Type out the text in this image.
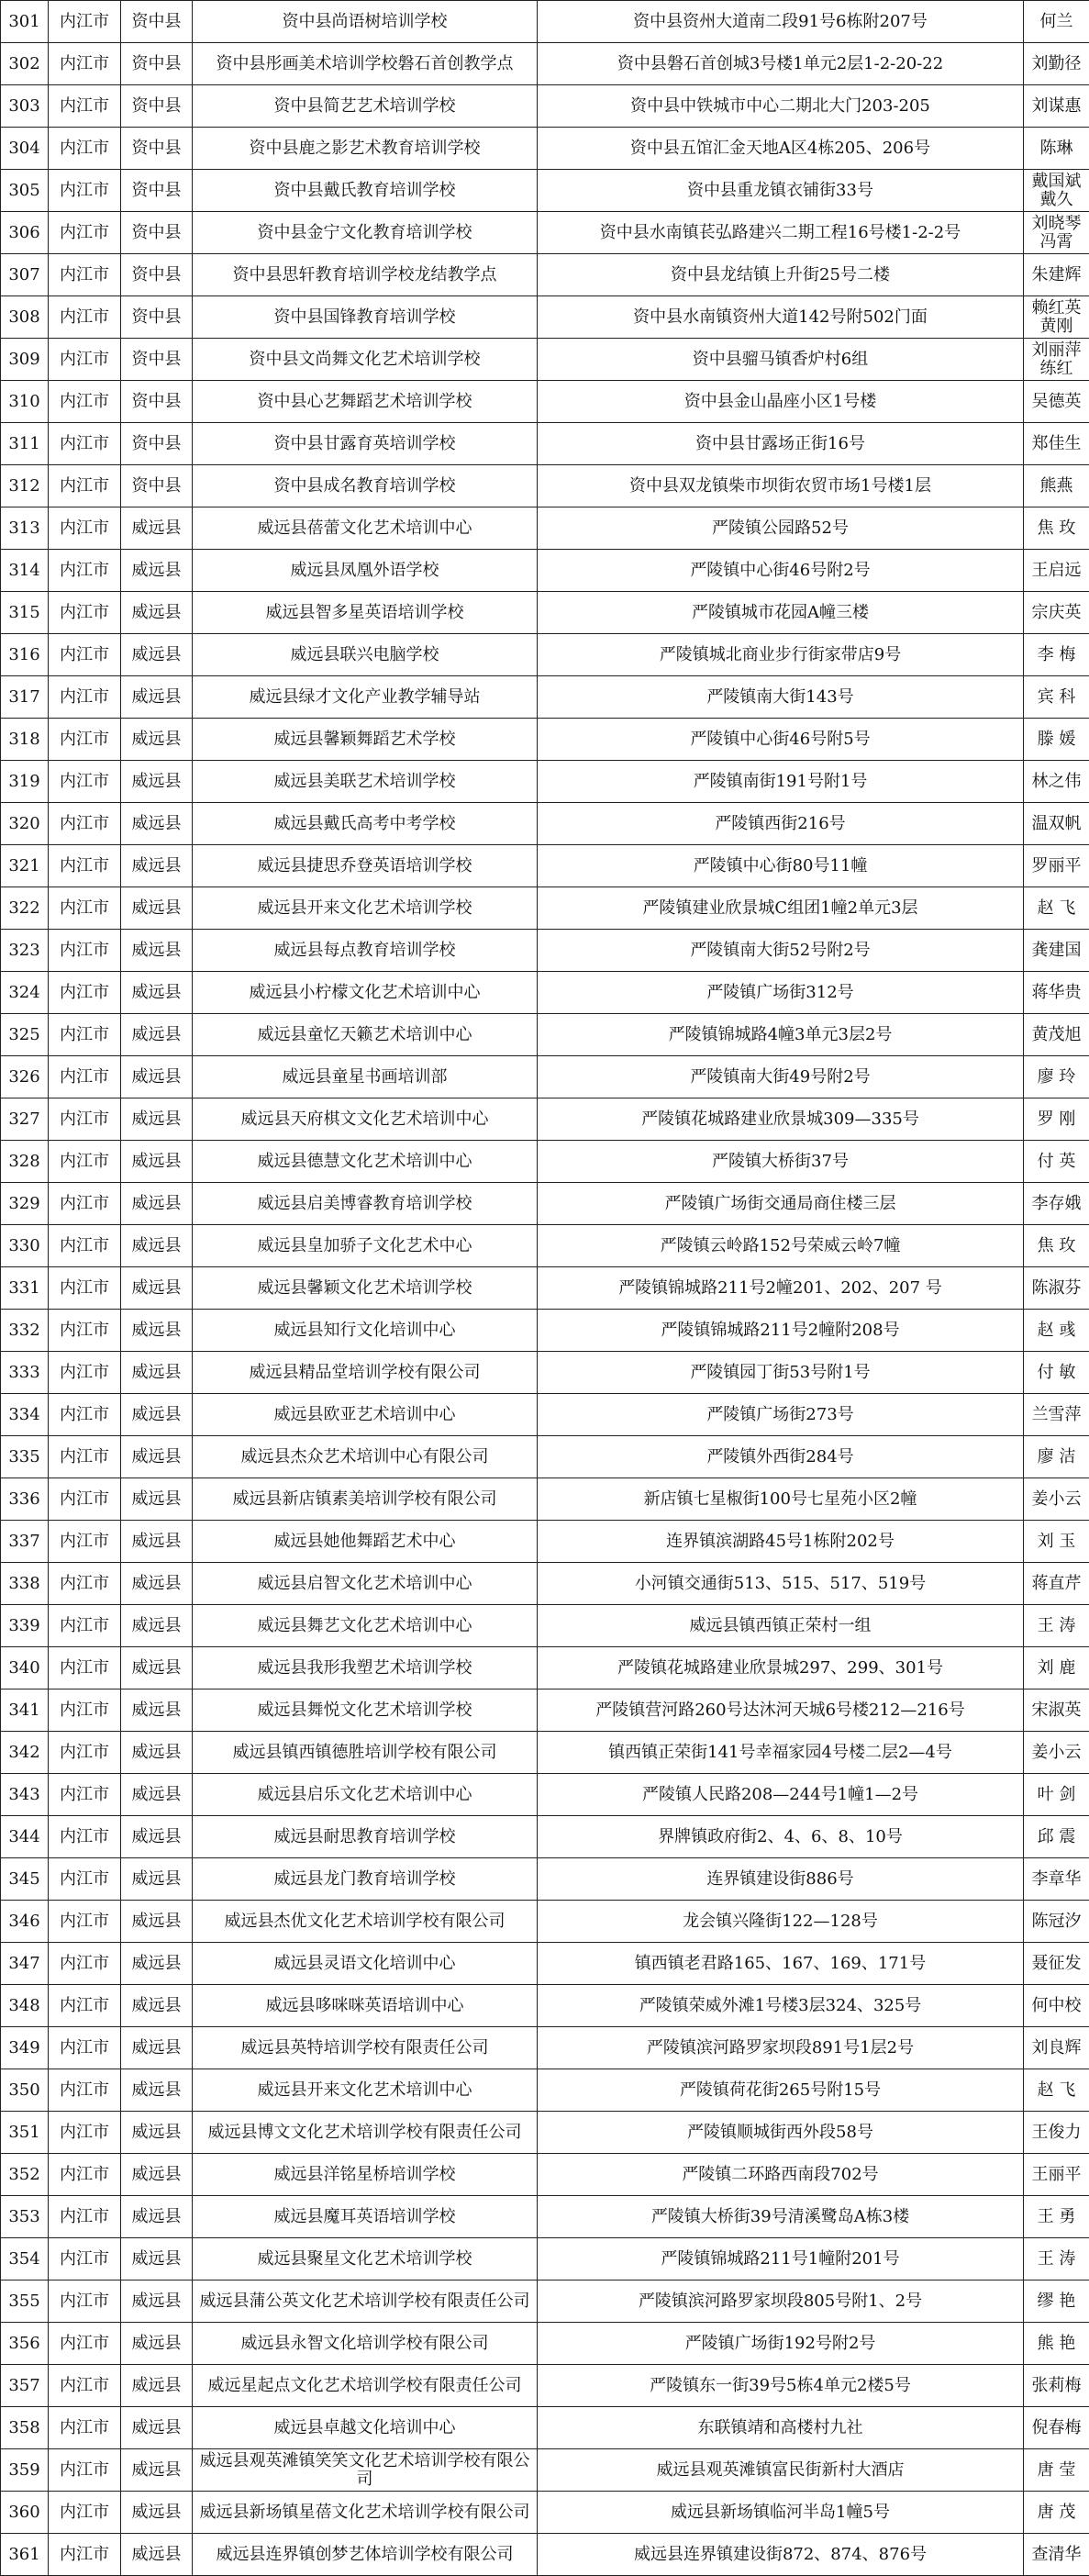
301	内江市	资中县	资中县尚语树培训学校	资中县资州大道南二段91号6栋附207号	何兰
302	内江市	资中县	资中县彤画美术培训学校磐石首创教学点	资中县磐石首创城3号楼1单元2层1-2-20-22	刘勤径
303	内江市	资中县	资中县简艺艺术培训学校	资中县中铁城市中心二期北大门203-205	刘谋惠
304	内江市	资中县	资中县鹿之影艺术教育培训学校	资中县五馆汇金天地A区4栋205、206号	陈琳
305	内江市	资中县	资中县戴氏教育培训学校	资中县重龙镇衣铺街33号	戴国斌 戴久
306	内江市	资中县	资中县金宁文化教育培训学校	资中县水南镇苌弘路建兴二期工程16号楼1-2-2号	刘晓琴 冯霄
307	内江市	资中县	资中县思轩教育培训学校龙结教学点	资中县龙结镇上升街25号二楼	朱建辉
308	内江市	资中县	资中县国锋教育培训学校	资中县水南镇资州大道142号附502门面	赖红英 黄刚
309	内江市	资中县	资中县文尚舞文化艺术培训学校	资中县骝马镇香炉村6组	刘丽萍 练红
310	内江市	资中县	资中县心艺舞蹈艺术培训学校	资中县金山晶座小区1号楼	吴德英
311	内江市	资中县	资中县甘露育英培训学校	资中县甘露场正街16号	郑佳生
312	内江市	资中县	资中县成名教育培训学校	资中县双龙镇柴市坝街农贸市场1号楼1层	熊燕
313	内江市	威远县	威远县蓓蕾文化艺术培训中心	严陵镇公园路52号	焦 玫
314	内江市	威远县	威远县凤凰外语学校	严陵镇中心街46号附2号	王启远
315	内江市	威远县	威远县智多星英语培训学校	严陵镇城市花园A幢三楼	宗庆英
316	内江市	威远县	威远县联兴电脑学校	严陵镇城北商业步行街家带店9号	李 梅
317	内江市	威远县	威远县绿才文化产业教学辅导站	严陵镇南大街143号	宾 科
318	内江市	威远县	威远县馨颖舞蹈艺术学校	严陵镇中心街46号附5号	滕 媛
319	内江市	威远县	威远县美联艺术培训学校	严陵镇南街191号附1号	林之伟
320	内江市	威远县	威远县戴氏高考中考学校	严陵镇西街216号	温双帆
321	内江市	威远县	威远县捷思乔登英语培训学校	严陵镇中心街80号11幢	罗丽平
322	内江市	威远县	威远县开来文化艺术培训学校	严陵镇建业欣景城C组团1幢2单元3层	赵 飞
323	内江市	威远县	威远县每点教育培训学校	严陵镇南大街52号附2号	龚建国
324	内江市	威远县	威远县小柠檬文化艺术培训中心	严陵镇广场街312号	蒋华贵
325	内江市	威远县	威远县童忆天籁艺术培训中心	严陵镇锦城路4幢3单元3层2号	黄茂旭
326	内江市	威远县	威远县童星书画培训部	严陵镇南大街49号附2号	廖 玲
327	内江市	威远县	威远县天府棋文文化艺术培训中心	严陵镇花城路建业欣景城309—335号	罗 刚
328	内江市	威远县	威远县德慧文化艺术培训中心	严陵镇大桥街37号	付 英
329	内江市	威远县	威远县启美博睿教育培训学校	严陵镇广场街交通局商住楼三层	李存娥
330	内江市	威远县	威远县皇加骄子文化艺术中心	严陵镇云岭路152号荣威云岭7幢	焦 玫
331	内江市	威远县	威远县馨颖文化艺术培训学校	严陵镇锦城路211号2幢201、202、207 号	陈淑芬
332	内江市	威远县	威远县知行文化培训中心	严陵镇锦城路211号2幢附208号	赵 彧
333	内江市	威远县	威远县精品堂培训学校有限公司	严陵镇园丁街53号附1号	付 敏
334	内江市	威远县	威远县欧亚艺术培训中心	严陵镇广场街273号	兰雪萍
335	内江市	威远县	威远县杰众艺术培训中心有限公司	严陵镇外西街284号	廖 洁
336	内江市	威远县	威远县新店镇素美培训学校有限公司	新店镇七星椒街100号七星苑小区2幢	姜小云
337	内江市	威远县	威远县她他舞蹈艺术中心	连界镇滨湖路45号1栋附202号	刘 玉
338	内江市	威远县	威远县启智文化艺术培训中心	小河镇交通街513、515、517、519号	蒋直芹
339	内江市	威远县	威远县舞艺文化艺术培训中心	威远县镇西镇正荣村一组	王 涛
340	内江市	威远县	威远县我形我塑艺术培训学校	严陵镇花城路建业欣景城297、299、301号	刘 鹿
341	内江市	威远县	威远县舞悦文化艺术培训学校	严陵镇营河路260号达沐河天城6号楼212—216号	宋淑英
342	内江市	威远县	威远县镇西镇德胜培训学校有限公司	镇西镇正荣街141号幸福家园4号楼二层2—4号	姜小云
343	内江市	威远县	威远县启乐文化艺术培训中心	严陵镇人民路208—244号1幢1—2号	叶 剑
344	内江市	威远县	威远县耐思教育培训学校	界牌镇政府街2、4、6、8、10号	邱 震
345	内江市	威远县	威远县龙门教育培训学校	连界镇建设街886号	李章华
346	内江市	威远县	威远县杰优文化艺术培训学校有限公司	龙会镇兴隆街122—128号	陈冠汐
347	内江市	威远县	威远县灵语文化培训中心	镇西镇老君路165、167、169、171号	聂征发
348	内江市	威远县	威远县哆咪咪英语培训中心	严陵镇荣威外滩1号楼3层324、325号	何中校
349	内江市	威远县	威远县英特培训学校有限责任公司	严陵镇滨河路罗家坝段891号1层2号	刘良辉
350	内江市	威远县	威远县开来文化艺术培训中心	严陵镇荷花街265号附15号	赵 飞
351	内江市	威远县	威远县博文文化艺术培训学校有限责任公司	严陵镇顺城街西外段58号	王俊力
352	内江市	威远县	威远县洋铭星桥培训学校	严陵镇二环路西南段702号	王丽平
353	内江市	威远县	威远县魔耳英语培训学校	严陵镇大桥街39号清溪鹭岛A栋3楼	王 勇
354	内江市	威远县	威远县聚星文化艺术培训学校	严陵镇锦城路211号1幢附201号	王 涛
355	内江市	威远县	威远县蒲公英文化艺术培训学校有限责任公司	严陵镇滨河路罗家坝段805号附1、2号	缪 艳
356	内江市	威远县	威远县永智文化培训学校有限公司	严陵镇广场街192号附2号	熊 艳
357	内江市	威远县	威远星起点文化艺术培训学校有限责任公司	严陵镇东一街39号5栋4单元2楼5号	张莉梅
358	内江市	威远县	威远县卓越文化培训中心	东联镇靖和高楼村九社	倪春梅
359	内江市	威远县	威远县观英滩镇笑笑文化艺术培训学校有限公司	威远县观英滩镇富民街新村大酒店	唐 莹
360	内江市	威远县	威远县新场镇星蓓文化艺术培训学校有限公司	威远县新场镇临河半岛1幢5号	唐 茂
361	内江市	威远县	威远县连界镇创梦艺体培训学校有限公司	威远县连界镇建设街872、874、876号	查清华
